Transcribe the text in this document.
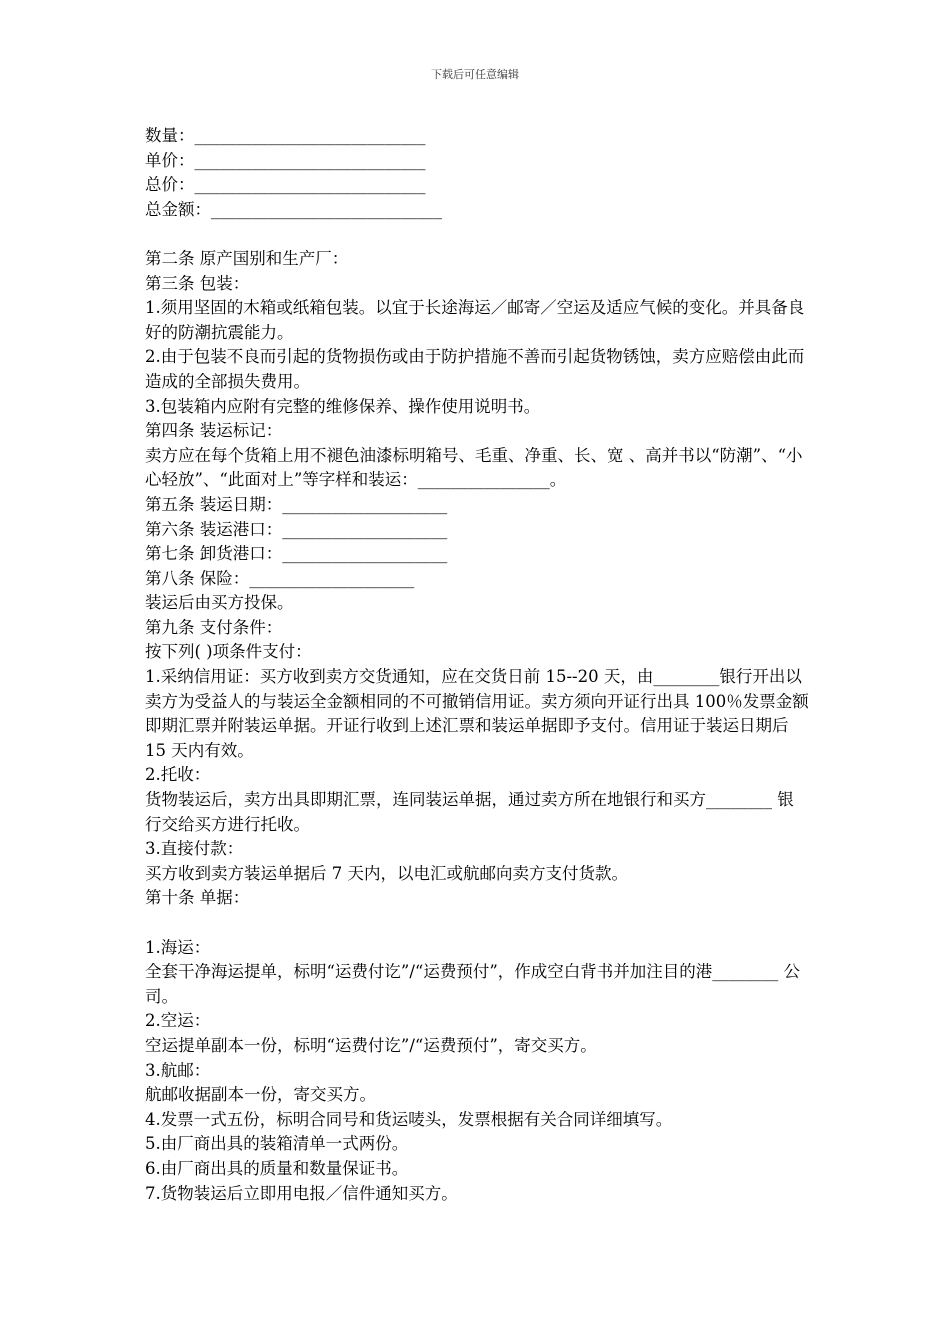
下载后可任意编辑
数量：____________________________
单价：____________________________
总价：____________________________
总金额：____________________________
第二条 原产国别和生产厂：
第三条 包装：
1.须用坚固的木箱或纸箱包装。以宜于长途海运／邮寄／空运及适应气候的变化。并具备良好的防潮抗震能力。
2.由于包装不良而引起的货物损伤或由于防护措施不善而引起货物锈蚀，卖方应赔偿由此而造成的全部损失费用。
3.包装箱内应附有完整的维修保养、操作使用说明书。
第四条 装运标记：
卖方应在每个货箱上用不褪色油漆标明箱号、毛重、净重、长、宽 、高并书以“防潮”、“小心轻放”、“此面对上”等字样和装运：________________。
第五条 装运日期：____________________
第六条 装运港口：____________________
第七条 卸货港口：____________________
第八条 保险：____________________
装运后由买方投保。
第九条 支付条件：
按下列( )项条件支付：
1.采纳信用证：买方收到卖方交货通知，应在交货日前 15--20 天，由________银行开出以卖方为受益人的与装运全金额相同的不可撤销信用证。卖方须向开证行出具 100％发票金额即期汇票并附装运单据。开证行收到上述汇票和装运单据即予支付。信用证于装运日期后 15 天内有效。
2.托收：
货物装运后，卖方出具即期汇票，连同装运单据，通过卖方所在地银行和买方________ 银行交给买方进行托收。
3.直接付款：
买方收到卖方装运单据后 7 天内，以电汇或航邮向卖方支付货款。
第十条 单据：
1.海运：
全套干净海运提单，标明“运费付讫”/“运费预付”，作成空白背书并加注目的港________ 公司。
2.空运：
空运提单副本一份，标明“运费付讫”/“运费预付”，寄交买方。
3.航邮：
航邮收据副本一份，寄交买方。
4.发票一式五份，标明合同号和货运唛头，发票根据有关合同详细填写。
5.由厂商出具的装箱清单一式两份。
6.由厂商出具的质量和数量保证书。
7.货物装运后立即用电报／信件通知买方。
